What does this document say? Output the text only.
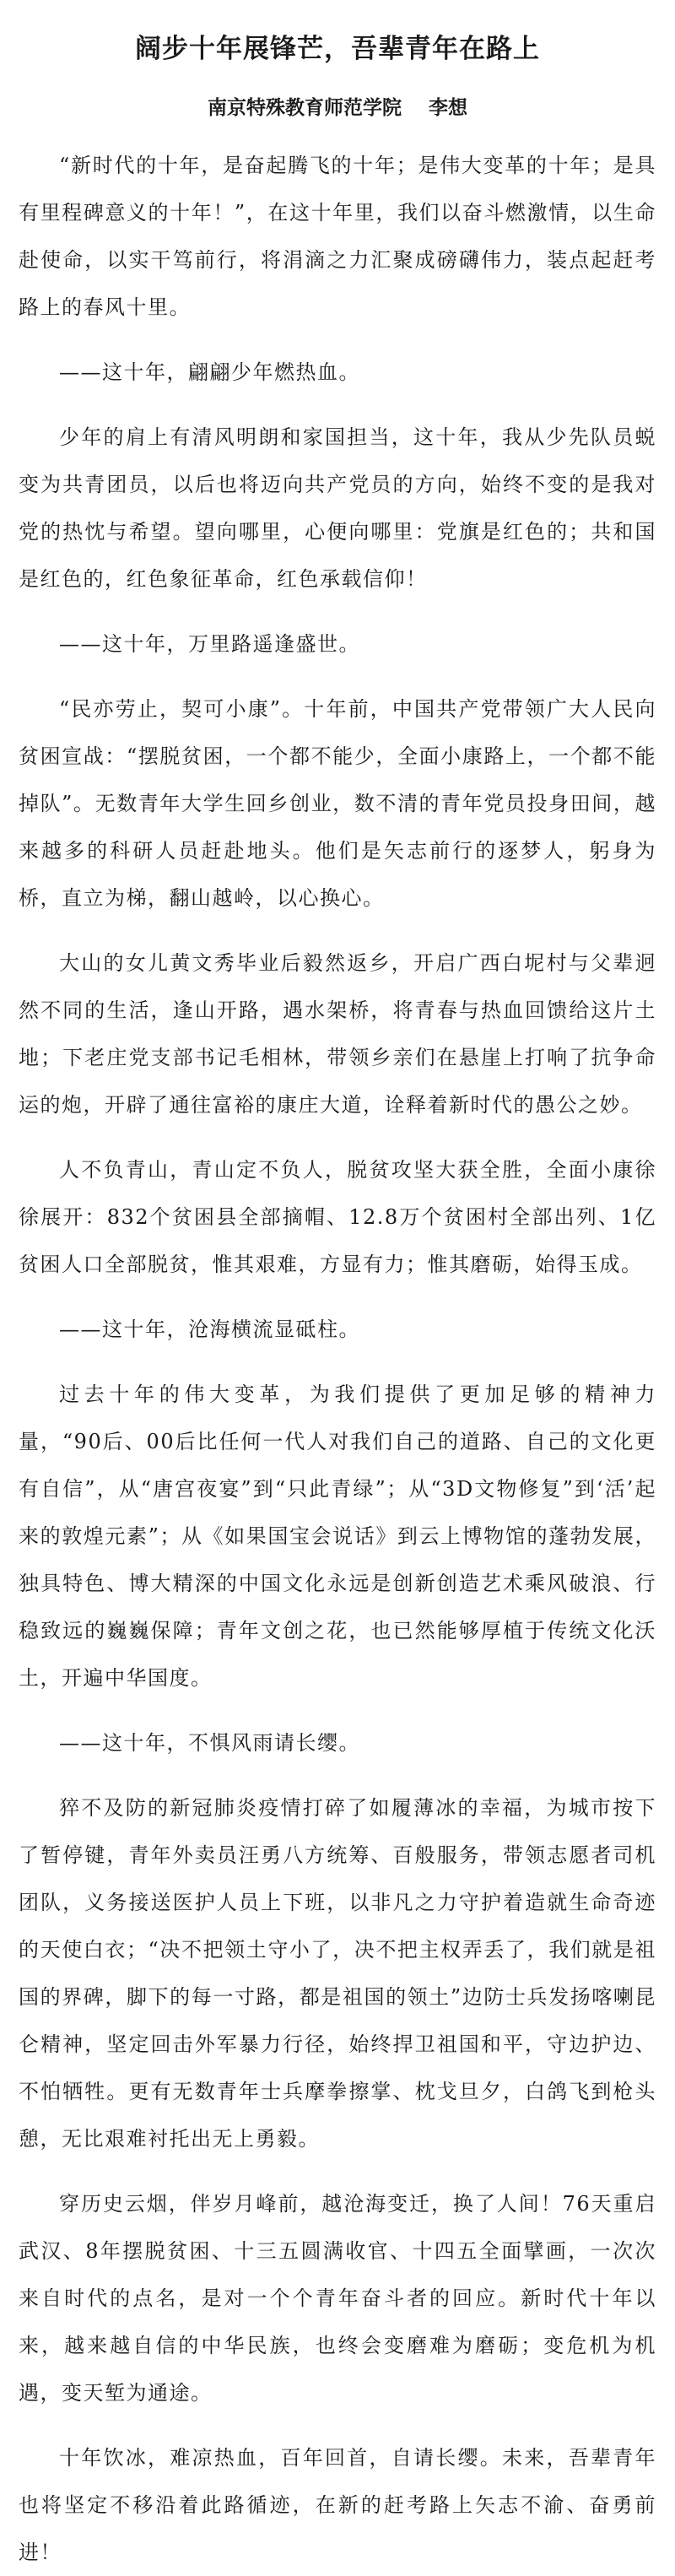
阔步十年展锋芒，吾辈青年在路上
南京特殊教育师范学院    李想

“新时代的十年，是奋起腾飞的十年；是伟大变革的十年；是具有里程碑意义的十年！”，在这十年里，我们以奋斗燃激情，以生命赴使命，以实干笃前行，将涓滴之力汇聚成磅礴伟力，装点起赶考路上的春风十里。

——这十年，翩翩少年燃热血。

少年的肩上有清风明朗和家国担当，这十年，我从少先队员蜕变为共青团员，以后也将迈向共产党员的方向，始终不变的是我对党的热忱与希望。望向哪里，心便向哪里：党旗是红色的；共和国是红色的，红色象征革命，红色承载信仰！

——这十年，万里路遥逢盛世。

“民亦劳止，契可小康”。十年前，中国共产党带领广大人民向贫困宣战：“摆脱贫困，一个都不能少，全面小康路上，一个都不能掉队”。无数青年大学生回乡创业，数不清的青年党员投身田间，越来越多的科研人员赶赴地头。他们是矢志前行的逐梦人，躬身为桥，直立为梯，翻山越岭，以心换心。

大山的女儿黄文秀毕业后毅然返乡，开启广西白坭村与父辈迥然不同的生活，逢山开路，遇水架桥，将青春与热血回馈给这片土地；下老庄党支部书记毛相林，带领乡亲们在悬崖上打响了抗争命运的炮，开辟了通往富裕的康庄大道，诠释着新时代的愚公之妙。

人不负青山，青山定不负人，脱贫攻坚大获全胜，全面小康徐徐展开：832个贫困县全部摘帽、12.8万个贫困村全部出列、1亿贫困人口全部脱贫，惟其艰难，方显有力；惟其磨砺，始得玉成。

——这十年，沧海横流显砥柱。

过去十年的伟大变革，为我们提供了更加足够的精神力量，“90后、00后比任何一代人对我们自己的道路、自己的文化更有自信”，从“唐宫夜宴”到“只此青绿”；从“3D文物修复”到‘活’起来的敦煌元素”；从《如果国宝会说话》到云上博物馆的蓬勃发展，独具特色、博大精深的中国文化永远是创新创造艺术乘风破浪、行稳致远的巍巍保障；青年文创之花，也已然能够厚植于传统文化沃土，开遍中华国度。

——这十年，不惧风雨请长缨。

猝不及防的新冠肺炎疫情打碎了如履薄冰的幸福，为城市按下了暂停键，青年外卖员汪勇八方统筹、百般服务，带领志愿者司机团队，义务接送医护人员上下班，以非凡之力守护着造就生命奇迹的天使白衣；“决不把领土守小了，决不把主权弄丢了，我们就是祖国的界碑，脚下的每一寸路，都是祖国的领土”边防士兵发扬喀喇昆仑精神，坚定回击外军暴力行径，始终捍卫祖国和平，守边护边、不怕牺牲。更有无数青年士兵摩拳擦掌、枕戈旦夕，白鸽飞到枪头憩，无比艰难衬托出无上勇毅。

穿历史云烟，伴岁月峰前，越沧海变迁，换了人间！76天重启武汉、8年摆脱贫困、十三五圆满收官、十四五全面擘画，一次次来自时代的点名，是对一个个青年奋斗者的回应。新时代十年以来，越来越自信的中华民族，也终会变磨难为磨砺；变危机为机遇，变天堑为通途。

十年饮冰，难凉热血，百年回首，自请长缨。未来，吾辈青年也将坚定不移沿着此路循迹，在新的赶考路上矢志不渝、奋勇前进！
